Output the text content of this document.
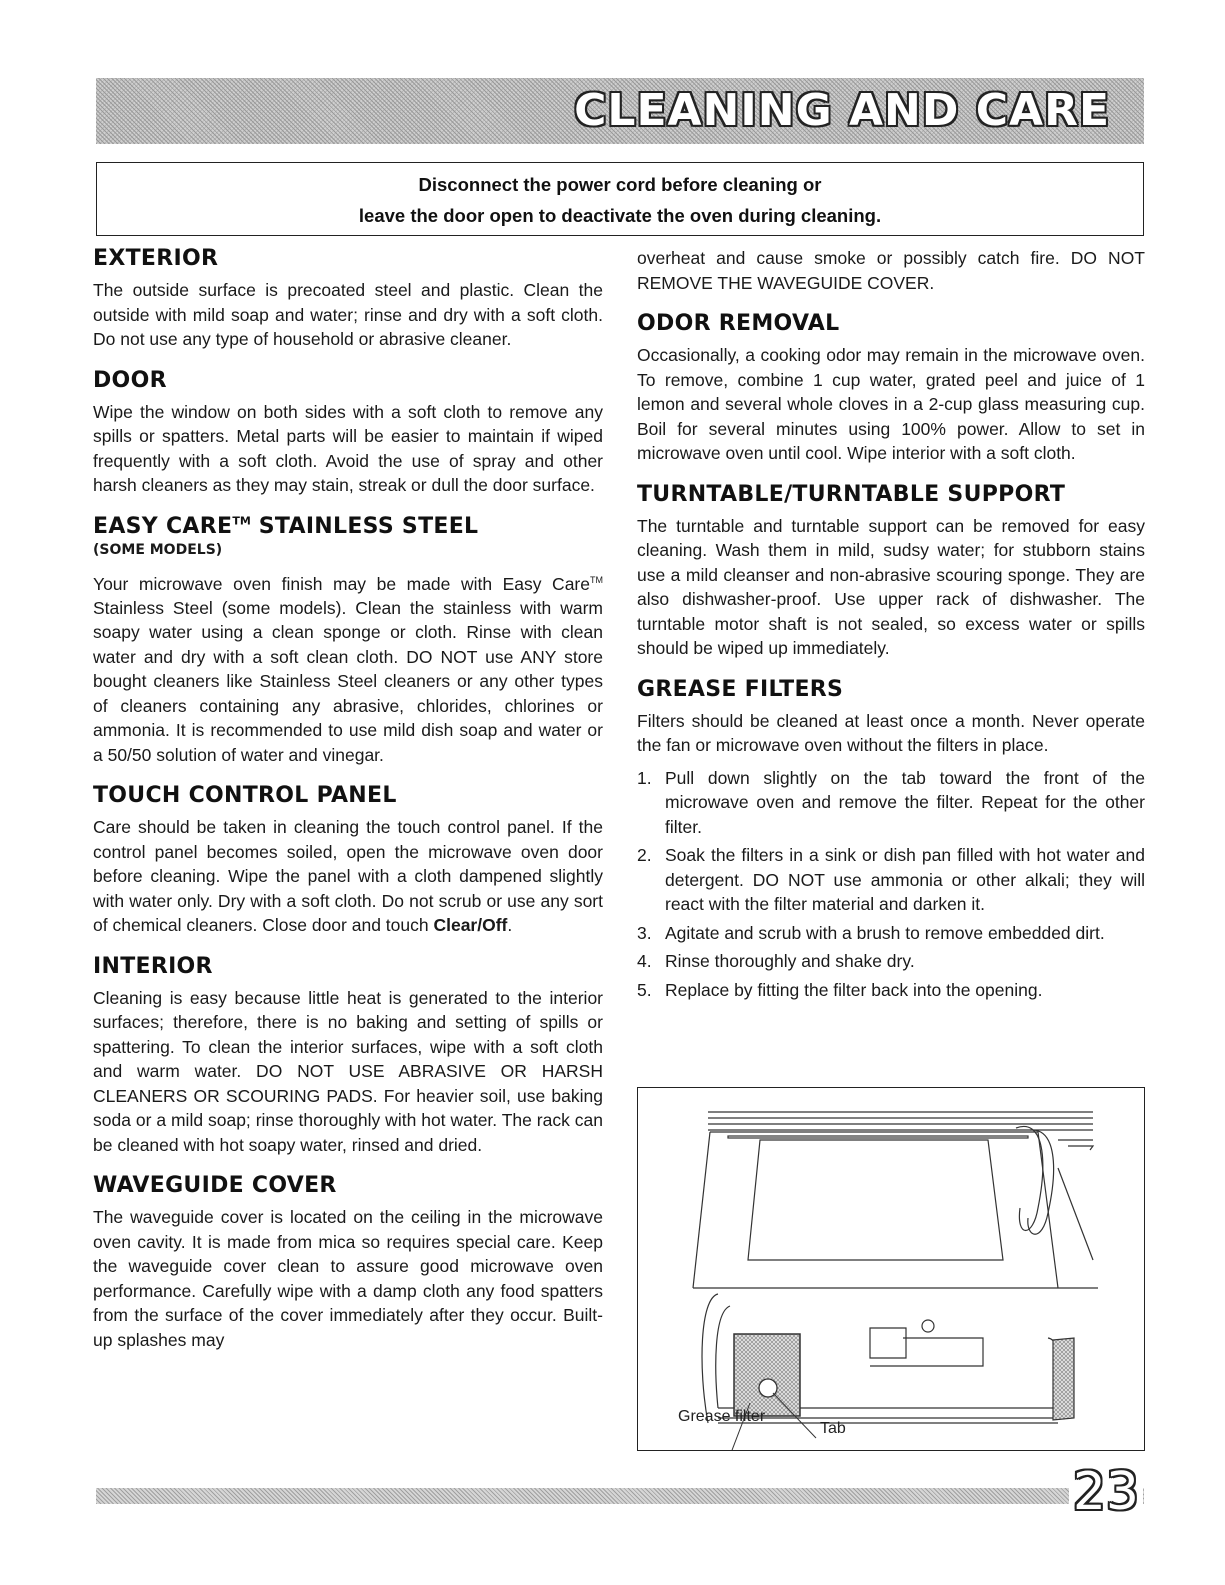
CLEANING AND CARE
Disconnect the power cord before cleaning or
leave the door open to deactivate the oven during cleaning.
EXTERIOR

The outside surface is precoated steel and plastic. Clean the outside with mild soap and water; rinse and dry with a soft cloth. Do not use any type of household or abrasive cleaner.

DOOR

Wipe the window on both sides with a soft cloth to remove any spills or spatters. Metal parts will be easier to maintain if wiped frequently with a soft cloth. Avoid the use of spray and other harsh cleaners as they may stain, streak or dull the door surface.

EASY CARE™ STAINLESS STEEL
(SOME MODELS)

Your microwave oven finish may be made with Easy Care™ Stainless Steel (some models). Clean the stainless with warm soapy water using a clean sponge or cloth. Rinse with clean water and dry with a soft clean cloth. DO NOT use ANY store bought cleaners like Stainless Steel cleaners or any other types of cleaners containing any abrasive, chlorides, chlorines or ammonia. It is recommended to use mild dish soap and water or a 50/50 solution of water and vinegar.

TOUCH CONTROL PANEL

Care should be taken in cleaning the touch control panel. If the control panel becomes soiled, open the microwave oven door before cleaning. Wipe the panel with a cloth dampened slightly with water only. Dry with a soft cloth. Do not scrub or use any sort of chemical cleaners. Close door and touch Clear/Off.

INTERIOR

Cleaning is easy because little heat is generated to the interior surfaces; therefore, there is no baking and setting of spills or spattering. To clean the interior surfaces, wipe with a soft cloth and warm water. DO NOT USE ABRASIVE OR HARSH CLEANERS OR SCOURING PADS. For heavier soil, use baking soda or a mild soap; rinse thoroughly with hot water. The rack can be cleaned with hot soapy water, rinsed and dried.

WAVEGUIDE COVER

The waveguide cover is located on the ceiling in the microwave oven cavity. It is made from mica so requires special care. Keep the waveguide cover clean to assure good microwave oven performance. Carefully wipe with a damp cloth any food spatters from the surface of the cover immediately after they occur. Built-up splashes may

overheat and cause smoke or possibly catch fire. DO NOT REMOVE THE WAVEGUIDE COVER.

ODOR REMOVAL

Occasionally, a cooking odor may remain in the microwave oven. To remove, combine 1 cup water, grated peel and juice of 1 lemon and several whole cloves in a 2-cup glass measuring cup. Boil for several minutes using 100% power. Allow to set in microwave oven until cool. Wipe interior with a soft cloth.

TURNTABLE/TURNTABLE SUPPORT

The turntable and turntable support can be removed for easy cleaning. Wash them in mild, sudsy water; for stubborn stains use a mild cleanser and non-abrasive scouring sponge. They are also dishwasher-proof. Use upper rack of dishwasher. The turntable motor shaft is not sealed, so excess water or spills should be wiped up immediately.

GREASE FILTERS

Filters should be cleaned at least once a month. Never operate the fan or microwave oven without the filters in place.

1. Pull down slightly on the tab toward the front of the microwave oven and remove the filter. Repeat for the other filter.
2. Soak the filters in a sink or dish pan filled with hot water and detergent. DO NOT use ammonia or other alkali; they will react with the filter material and darken it.
3. Agitate and scrub with a brush to remove embedded dirt.
4. Rinse thoroughly and shake dry.
5. Replace by fitting the filter back into the opening.
Grease filter
Tab
23
